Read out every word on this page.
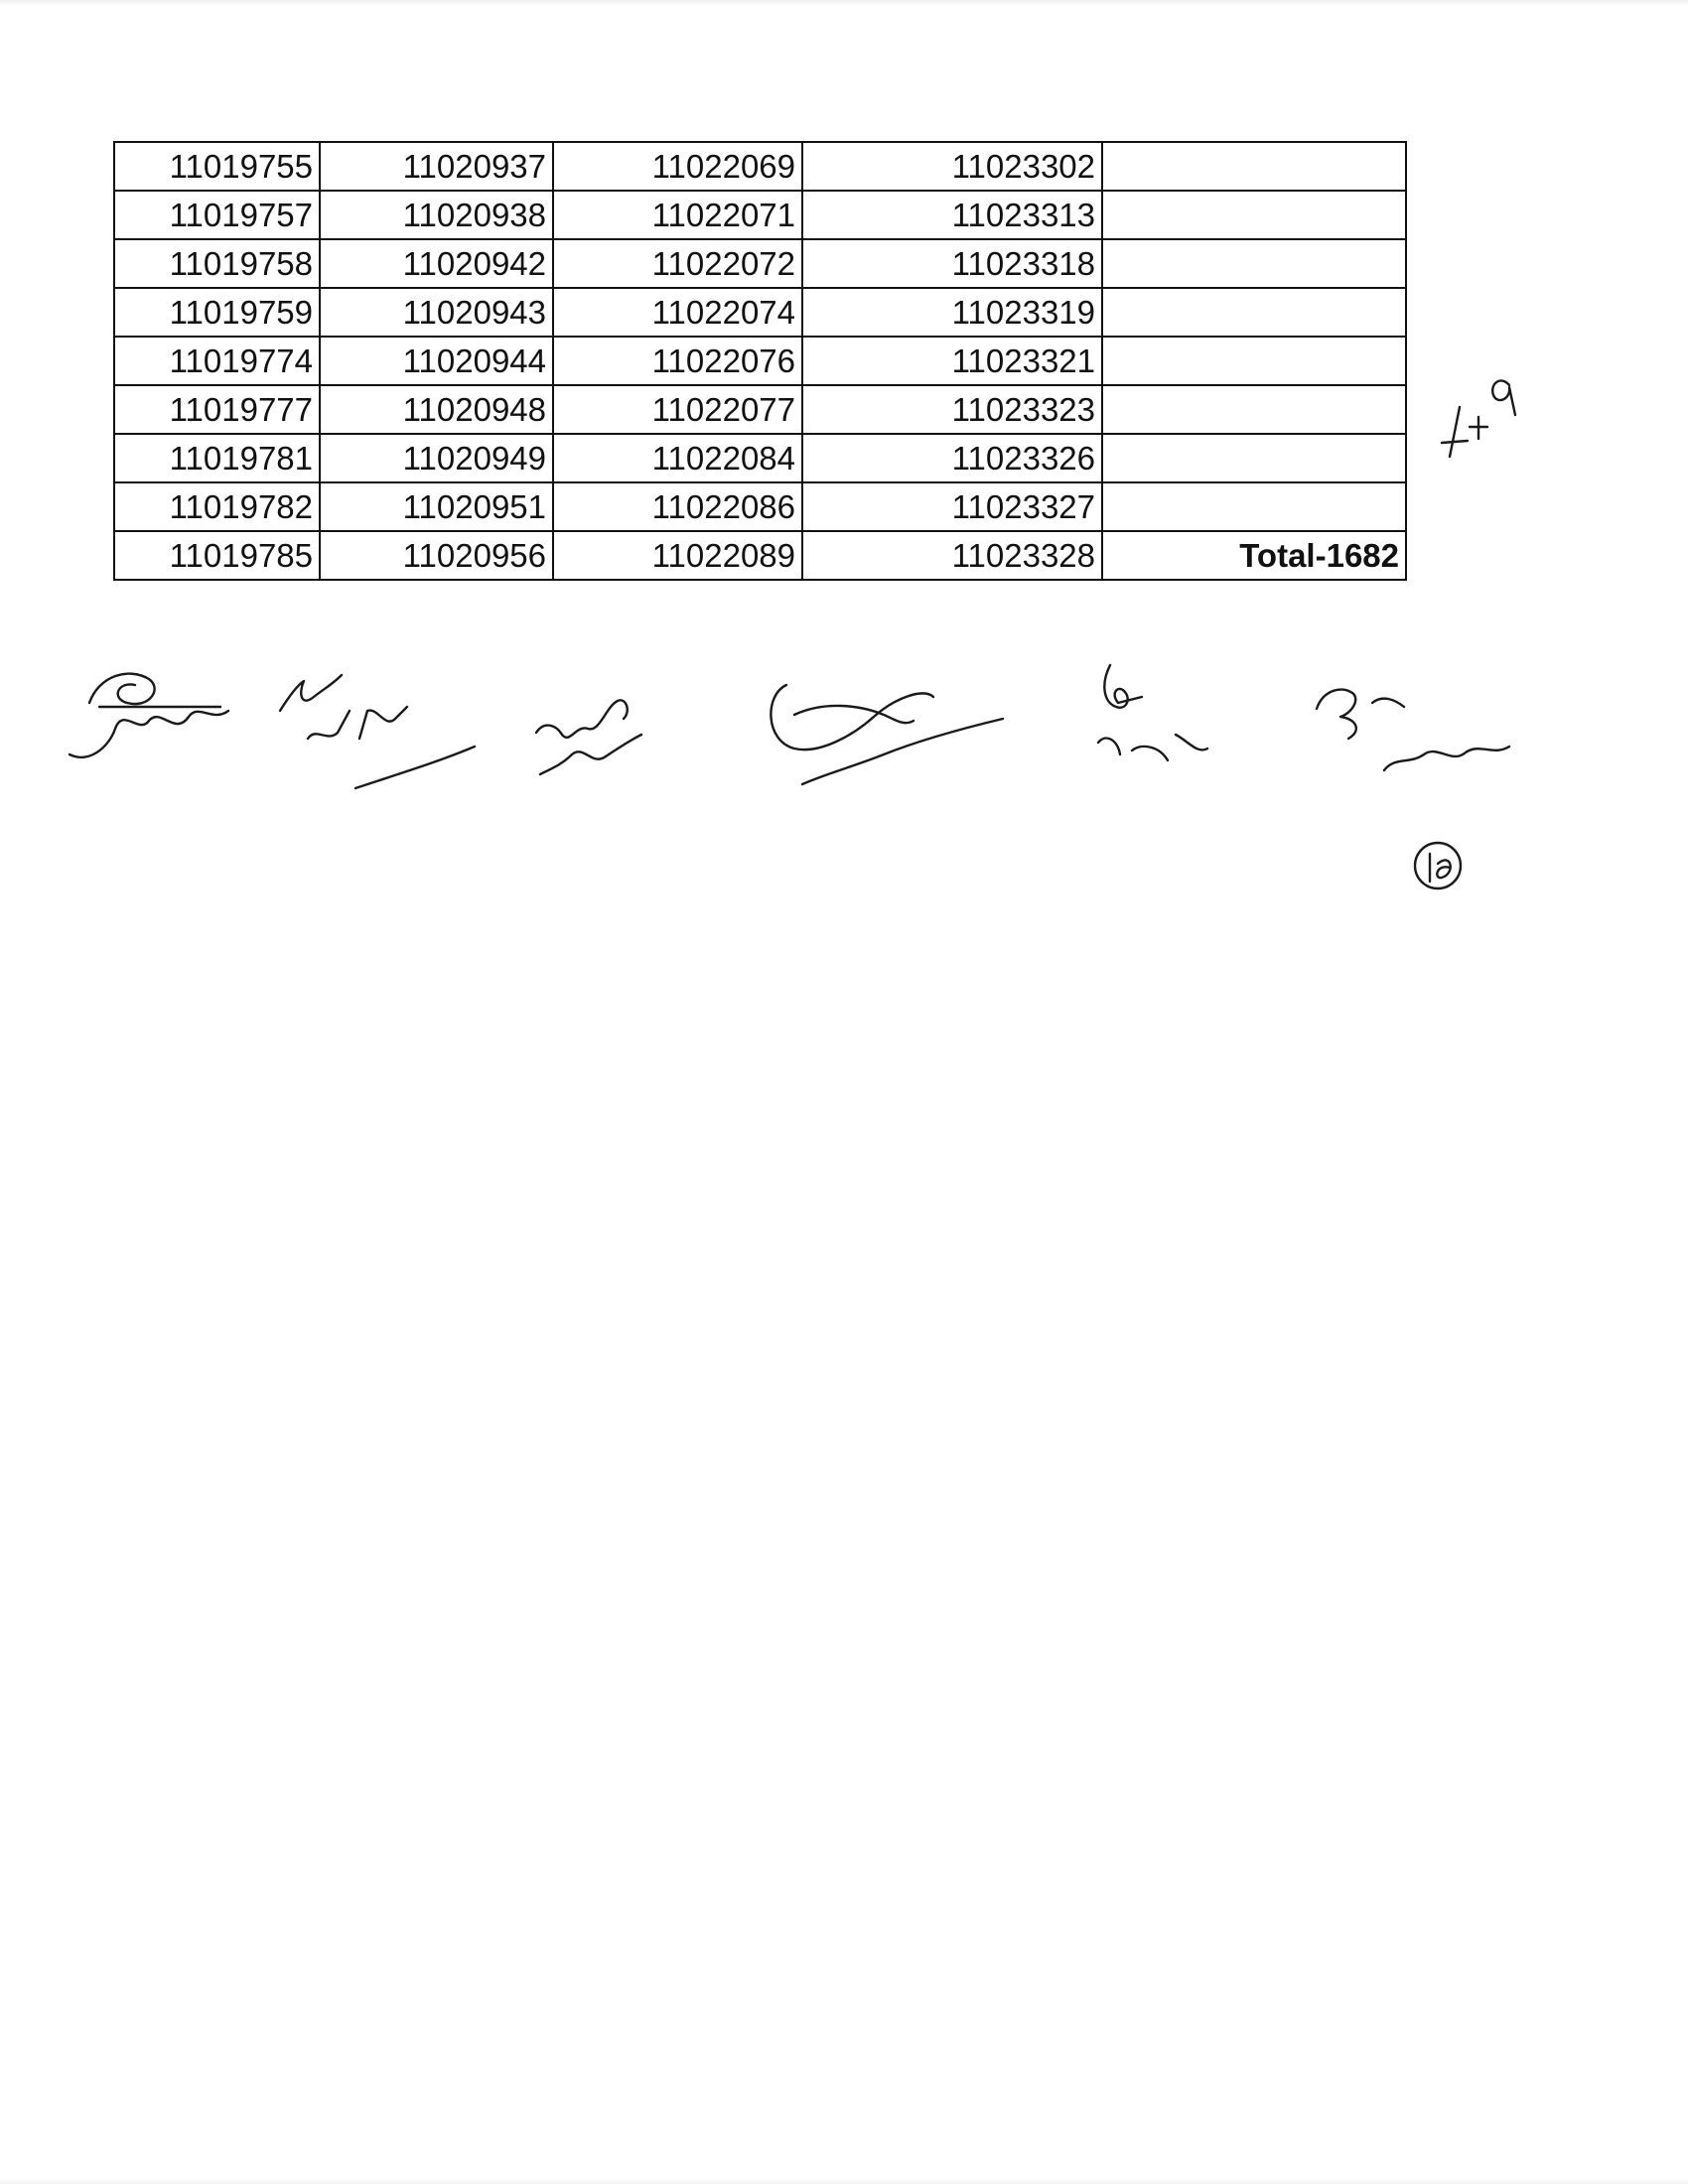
11019755	11020937	11022069	11023302	
11019757	11020938	11022071	11023313	
11019758	11020942	11022072	11023318	
11019759	11020943	11022074	11023319	
11019774	11020944	11022076	11023321	
11019777	11020948	11022077	11023323	
11019781	11020949	11022084	11023326	
11019782	11020951	11022086	11023327	
11019785	11020956	11022089	11023328	Total-1682
